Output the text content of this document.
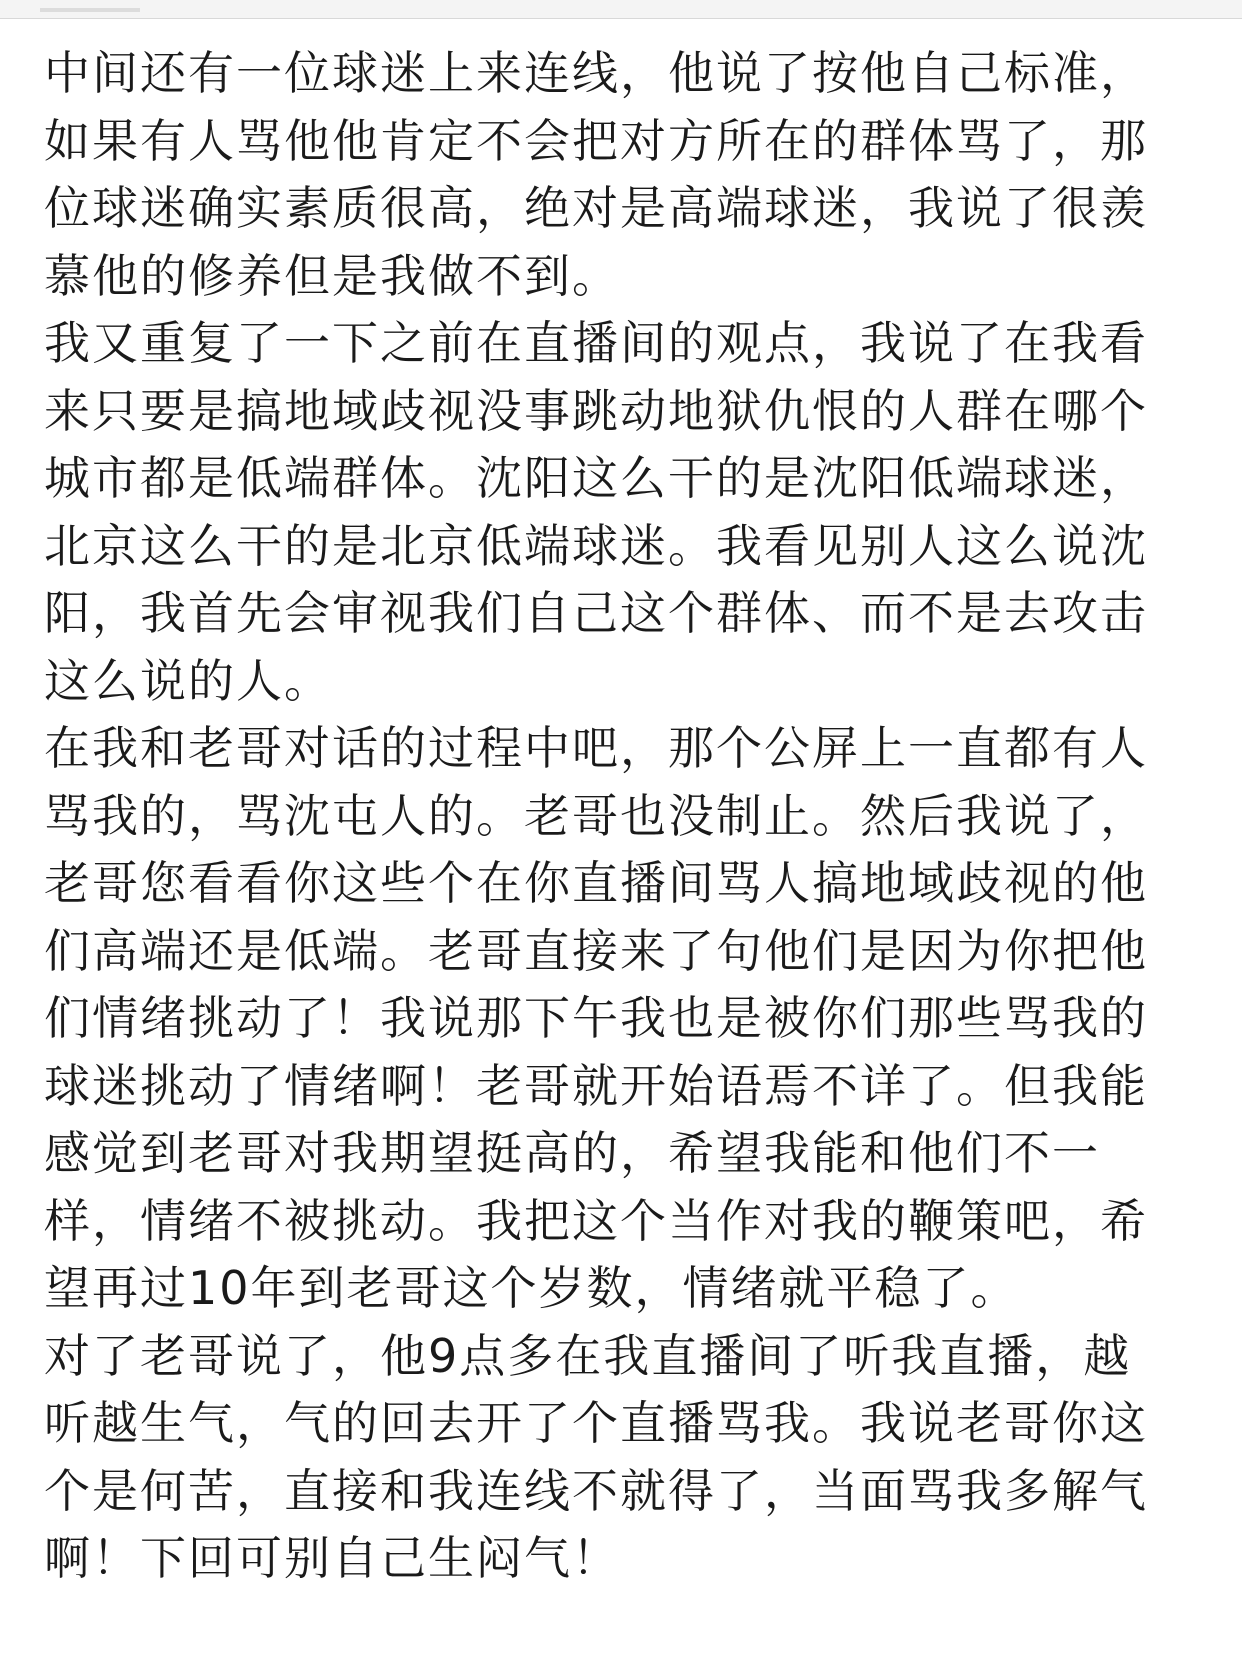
中间还有一位球迷上来连线，他说了按他自己标准，
如果有人骂他他肯定不会把对方所在的群体骂了，那
位球迷确实素质很高，绝对是高端球迷，我说了很羡
慕他的修养但是我做不到。
我又重复了一下之前在直播间的观点，我说了在我看
来只要是搞地域歧视没事跳动地狱仇恨的人群在哪个
城市都是低端群体。沈阳这么干的是沈阳低端球迷，
北京这么干的是北京低端球迷。我看见别人这么说沈
阳，我首先会审视我们自己这个群体、而不是去攻击
这么说的人。
在我和老哥对话的过程中吧，那个公屏上一直都有人
骂我的，骂沈屯人的。老哥也没制止。然后我说了，
老哥您看看你这些个在你直播间骂人搞地域歧视的他
们高端还是低端。老哥直接来了句他们是因为你把他
们情绪挑动了！我说那下午我也是被你们那些骂我的
球迷挑动了情绪啊！老哥就开始语焉不详了。但我能
感觉到老哥对我期望挺高的，希望我能和他们不一
样，情绪不被挑动。我把这个当作对我的鞭策吧，希
望再过10年到老哥这个岁数，情绪就平稳了。
对了老哥说了，他9点多在我直播间了听我直播，越
听越生气，气的回去开了个直播骂我。我说老哥你这
个是何苦，直接和我连线不就得了，当面骂我多解气
啊！下回可别自己生闷气！
